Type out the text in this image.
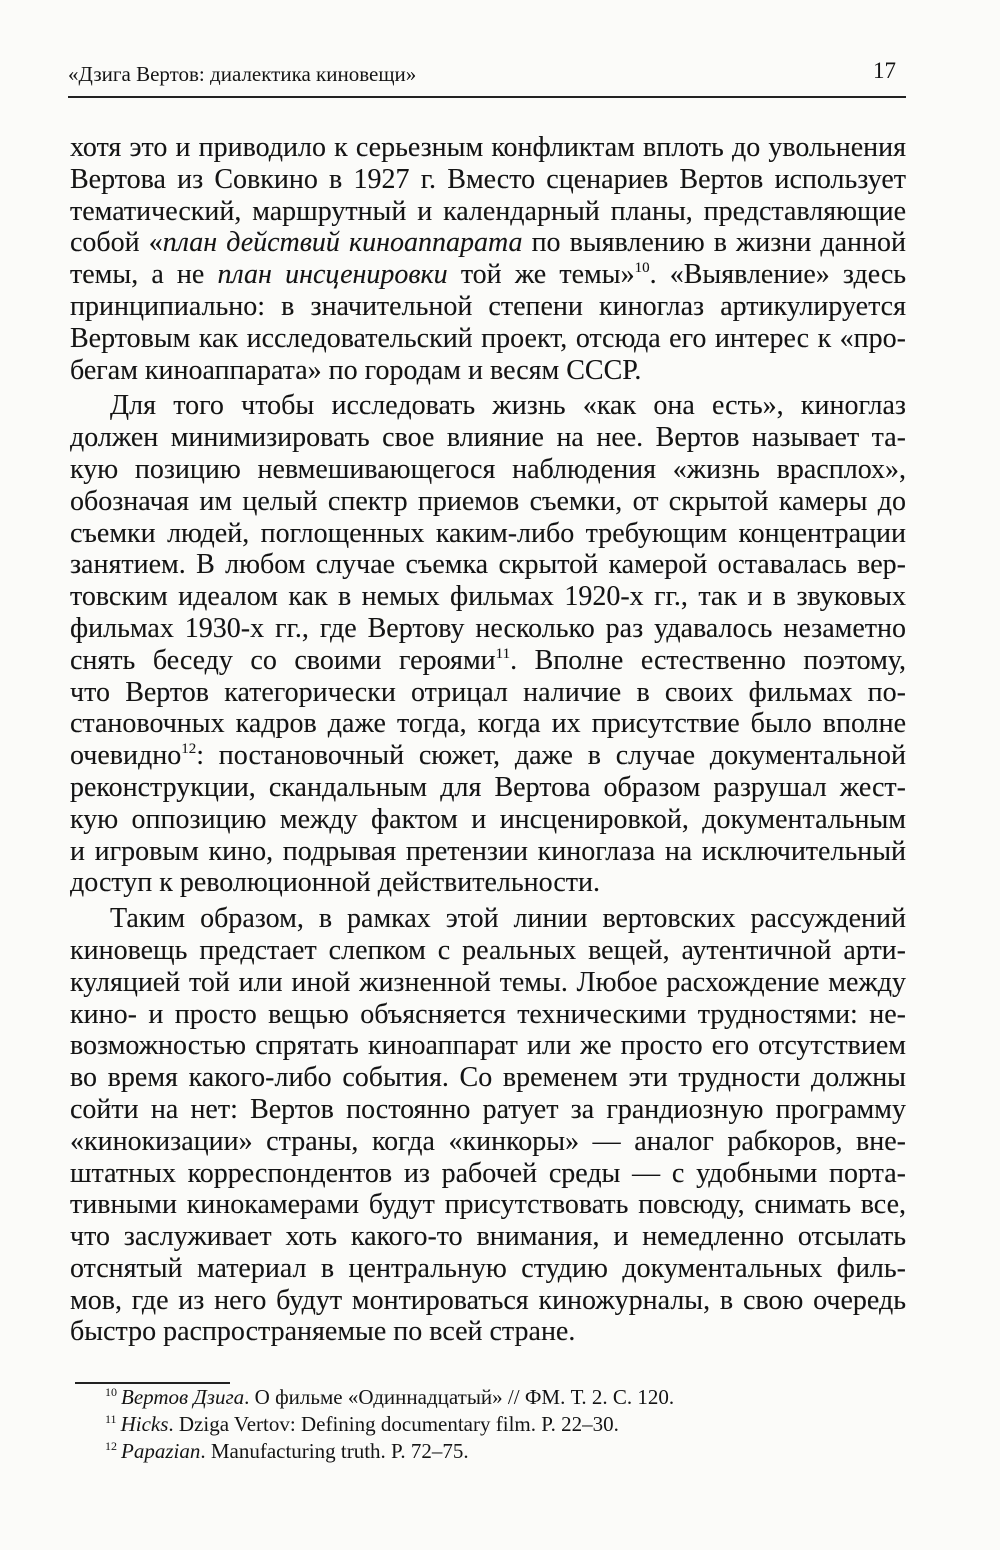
«Дзига Вертов: диалектика киновещи»	17
хотя это и приводило к серьезным конфликтам вплоть до увольнения
Вертова из Совкино в 1927 г. Вместо сценариев Вертов использует
тематический, маршрутный и календарный планы, представляющие
собой «план действий киноаппарата по выявлению в жизни данной
темы, а не план инсценировки той же темы»$^{10}$. «Выявление» здесь
принципиально: в значительной степени киноглаз артикулируется
Вертовым как исследовательский проект, отсюда его интерес к «про-
бегам киноаппарата» по городам и весям СССР.
Для того чтобы исследовать жизнь «как она есть», киноглаз
должен минимизировать свое влияние на нее. Вертов называет та-
кую позицию невмешивающегося наблюдения «жизнь врасплох»,
обозначая им целый спектр приемов съемки, от скрытой камеры до
съемки людей, поглощенных каким-либо требующим концентрации
занятием. В любом случае съемка скрытой камерой оставалась вер-
товским идеалом как в немых фильмах 1920-х гг., так и в звуковых
фильмах 1930-х гг., где Вертову несколько раз удавалось незаметно
снять беседу со своими героями$^{11}$. Вполне естественно поэтому,
что Вертов категорически отрицал наличие в своих фильмах по-
становочных кадров даже тогда, когда их присутствие было вполне
очевидно$^{12}$: постановочный сюжет, даже в случае документальной
реконструкции, скандальным для Вертова образом разрушал жест-
кую оппозицию между фактом и инсценировкой, документальным
и игровым кино, подрывая претензии киноглаза на исключительный
доступ к революционной действительности.
Таким образом, в рамках этой линии вертовских рассуждений
киновещь предстает слепком с реальных вещей, аутентичной арти-
куляцией той или иной жизненной темы. Любое расхождение между
кино- и просто вещью объясняется техническими трудностями: не-
возможностью спрятать киноаппарат или же просто его отсутствием
во время какого-либо события. Со временем эти трудности должны
сойти на нет: Вертов постоянно ратует за грандиозную программу
«кинокизации» страны, когда «кинкоры» — аналог рабкоров, вне-
штатных корреспондентов из рабочей среды — с удобными порта-
тивными кинокамерами будут присутствовать повсюду, снимать все,
что заслуживает хоть какого-то внимания, и немедленно отсылать
отснятый материал в центральную студию документальных филь-
мов, где из него будут монтироваться киножурналы, в свою очередь
быстро распространяемые по всей стране.
$^{10}$ Вертов Дзига. О фильме «Одиннадцатый» // ФМ. Т. 2. С. 120.
$^{11}$ Hicks. Dziga Vertov: Defining documentary film. P. 22–30.
$^{12}$ Papazian. Manufacturing truth. P. 72–75.
